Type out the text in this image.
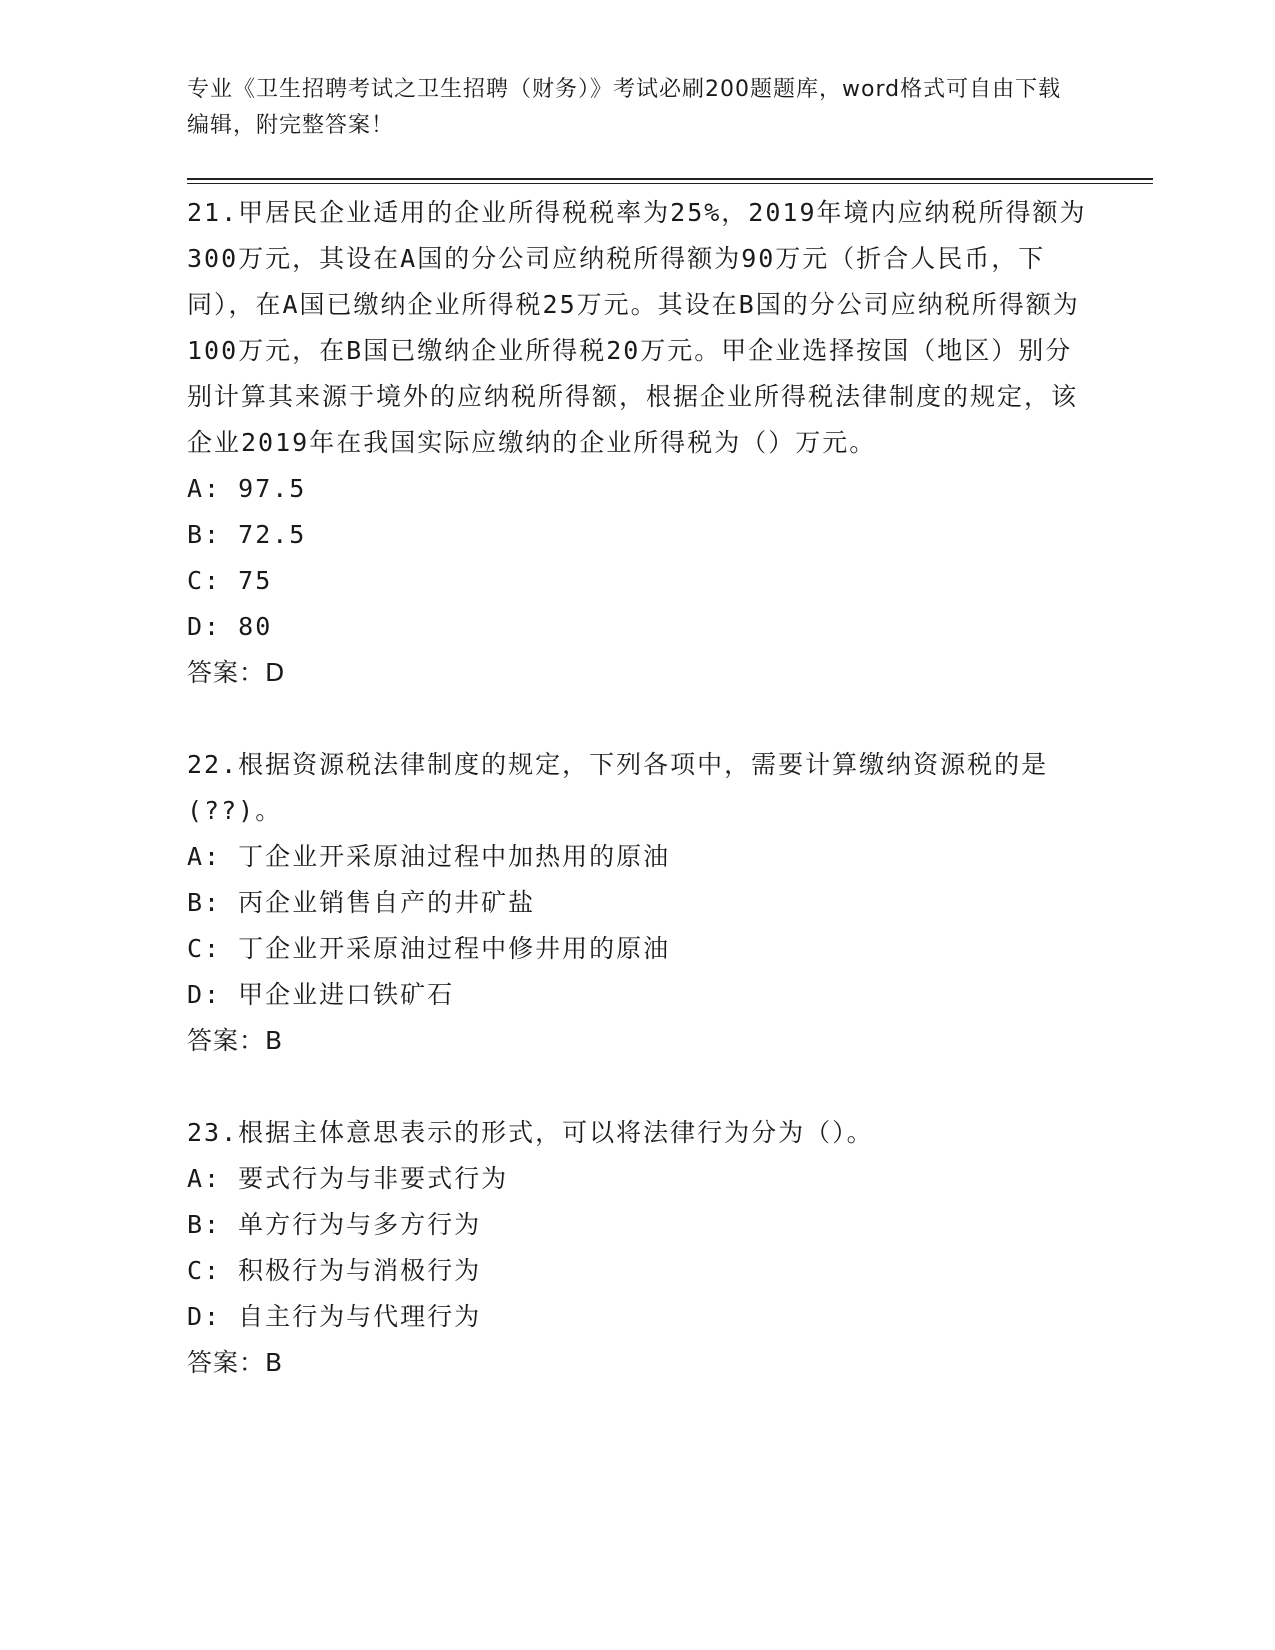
专业《卫生招聘考试之卫生招聘（财务）》考试必刷200题题库，word格式可自由下载编辑，附完整答案！

21.甲居民企业适用的企业所得税税率为25%，2019年境内应纳税所得额为300万元，其设在A国的分公司应纳税所得额为90万元（折合人民币，下同），在A国已缴纳企业所得税25万元。其设在B国的分公司应纳税所得额为100万元，在B国已缴纳企业所得税20万元。甲企业选择按国（地区）别分别计算其来源于境外的应纳税所得额，根据企业所得税法律制度的规定，该企业2019年在我国实际应缴纳的企业所得税为（）万元。

A: 97.5

B: 72.5

C: 75

D: 80

答案：D

22.根据资源税法律制度的规定，下列各项中，需要计算缴纳资源税的是(??)。

A: 丁企业开采原油过程中加热用的原油

B: 丙企业销售自产的井矿盐

C: 丁企业开采原油过程中修井用的原油

D: 甲企业进口铁矿石

答案：B

23.根据主体意思表示的形式，可以将法律行为分为（）。

A: 要式行为与非要式行为

B: 单方行为与多方行为

C: 积极行为与消极行为

D: 自主行为与代理行为

答案：B
